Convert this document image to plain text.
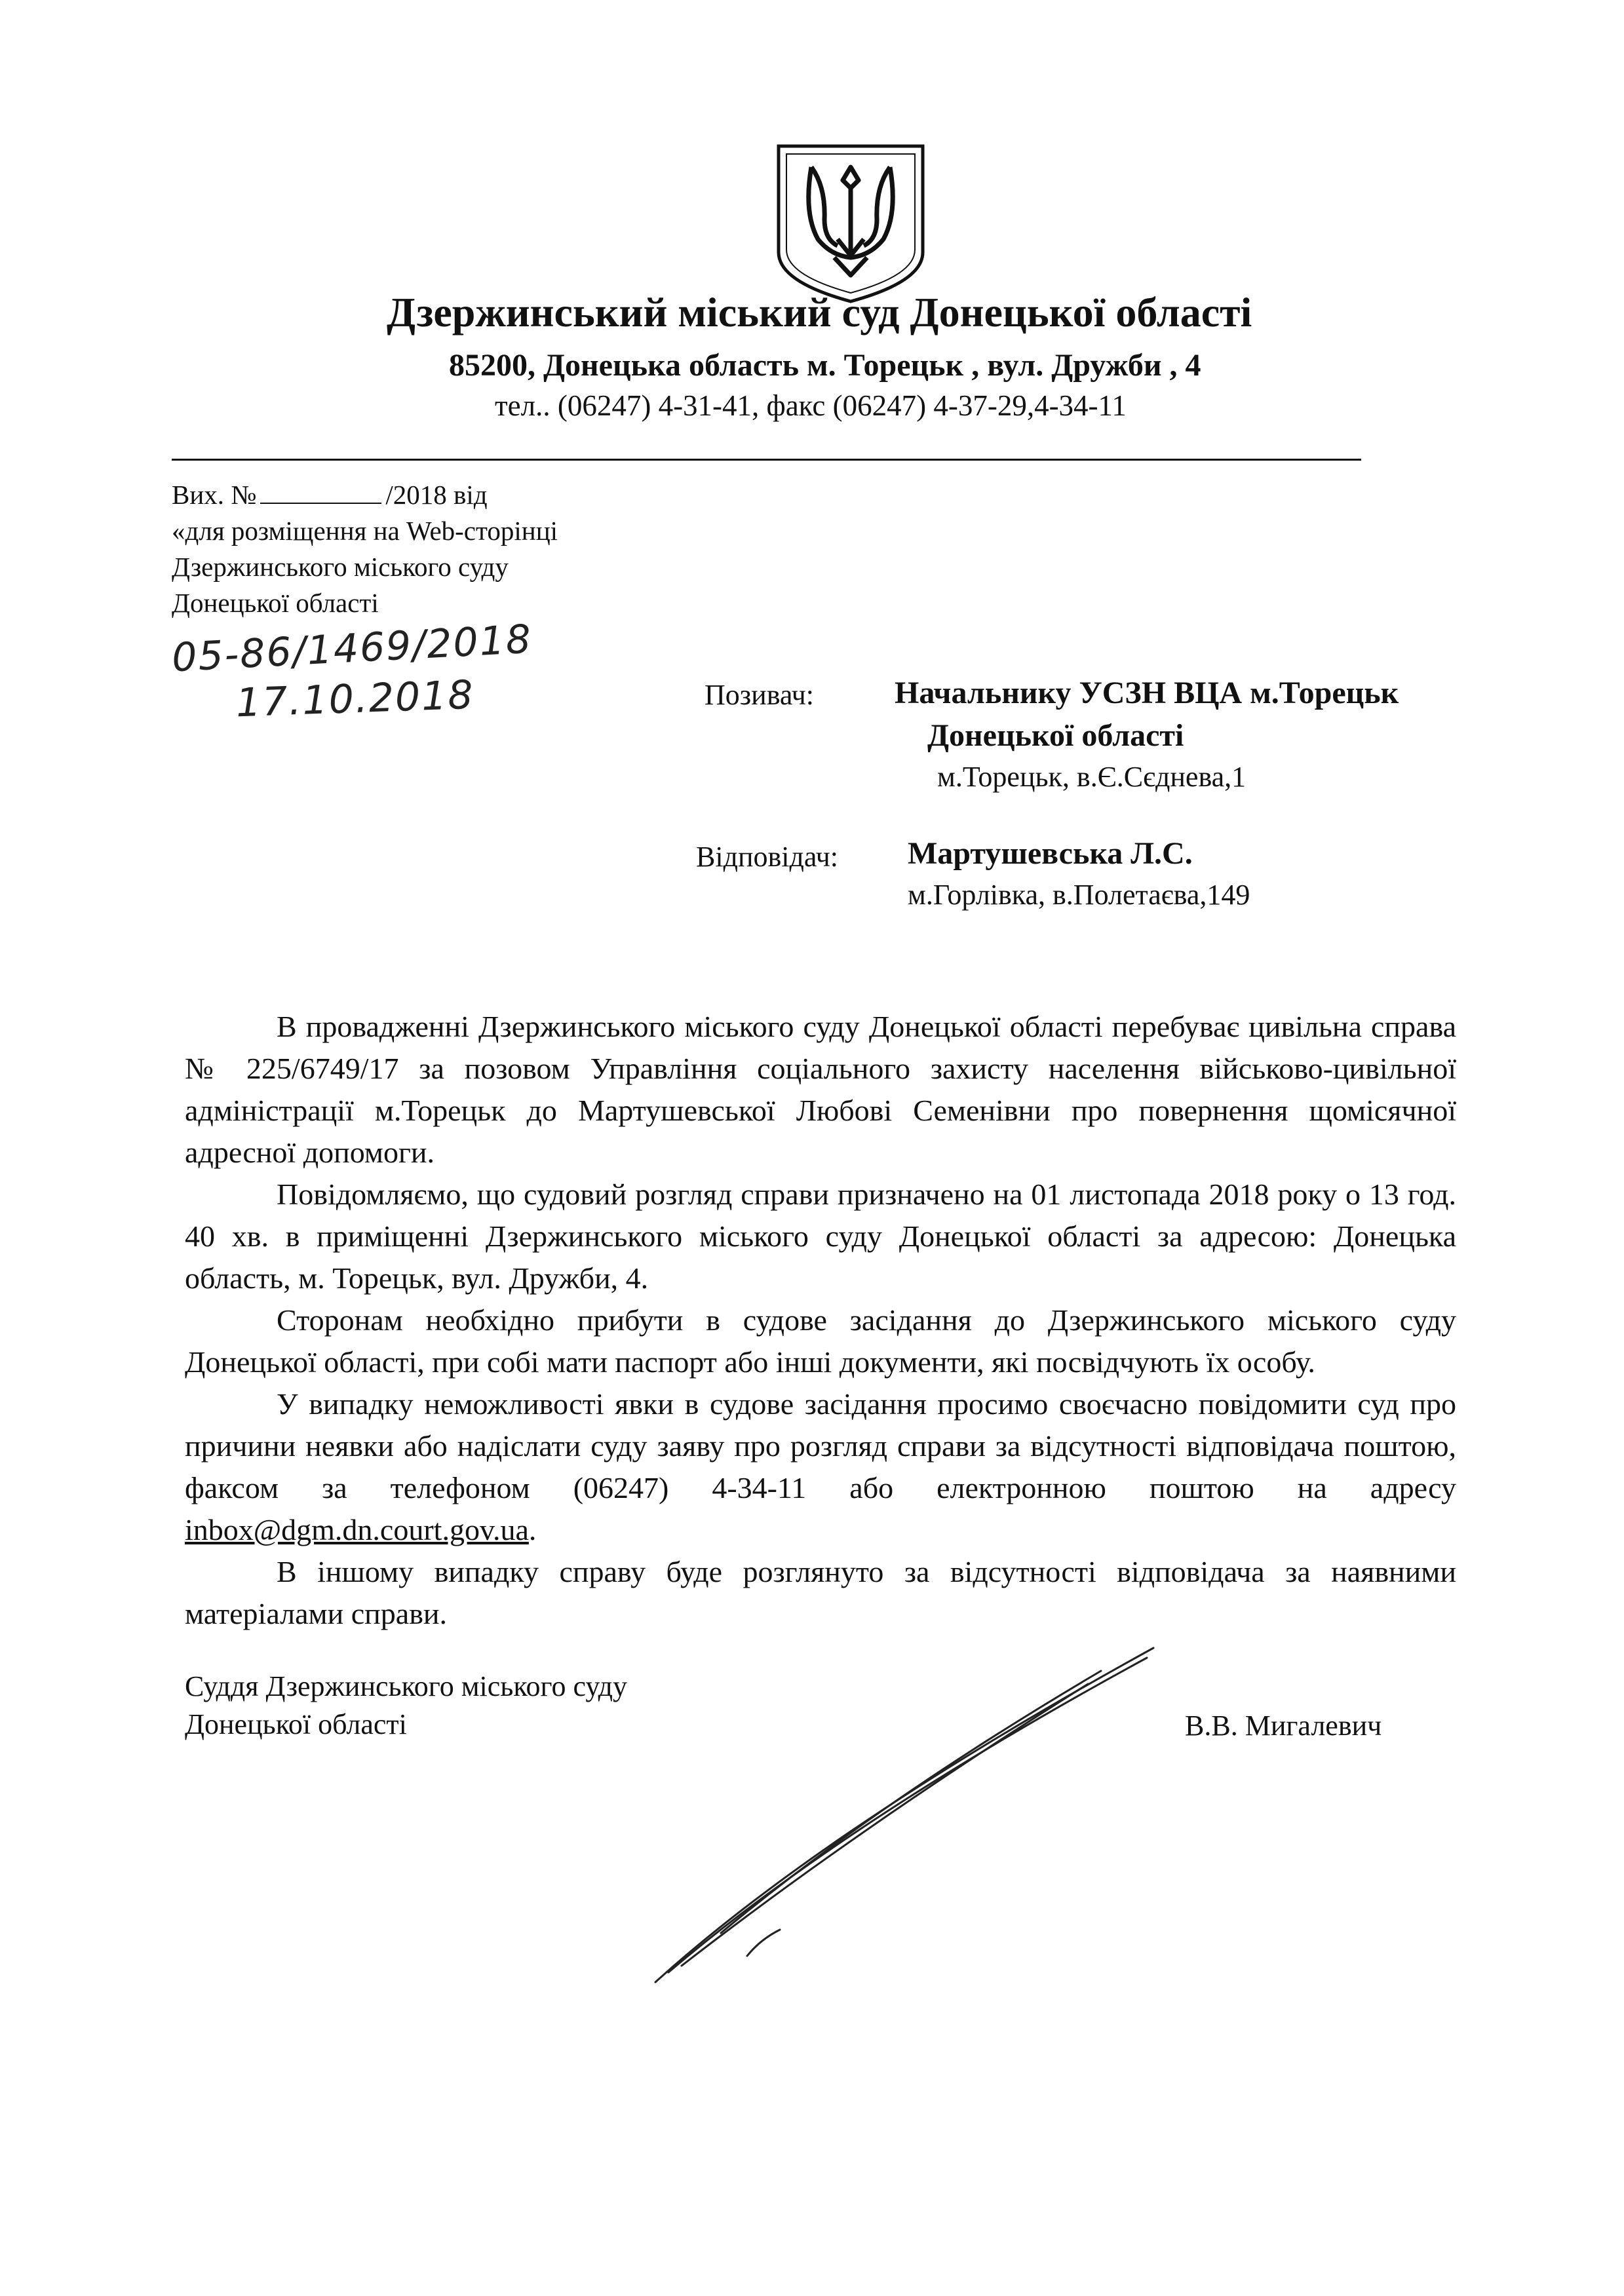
Дзержинський міський суд Донецької області
85200, Донецька область м. Торецьк , вул. Дружби , 4
тел.. (06247) 4-31-41, факс (06247) 4-37-29,4-34-11
Вих. №	/2018 від
«для розміщення на Web-сторінці
Дзержинського міського суду
Донецької області
05-86/1469/2018
17.10.2018	Позивач:	Начальнику УСЗН ВЦА м.Торецьк
Донецької області
м.Торецьк, в.Є.Сєднева,1
Відповідач: Мартушевська Л.С.
м.Горлівка, в.Полетаєва,149

В провадженні Дзержинського міського суду Донецької області перебуває цивільна справа № 225/6749/17 за позовом Управління соціального захисту населення військово-цивільної адміністрації м.Торецьк до Мартушевської Любові Семенівни про повернення щомісячної адресної допомоги.

Повідомляємо, що судовий розгляд справи призначено на 01 листопада 2018 року о 13 год. 40 хв. в приміщенні Дзержинського міського суду Донецької області за адресою: Донецька область, м. Торецьк, вул. Дружби, 4.

Сторонам необхідно прибути в судове засідання до Дзержинського міського суду Донецької області, при собі мати паспорт або інші документи, які посвідчують їх особу.

У випадку неможливості явки в судове засідання просимо своєчасно повідомити суд про причини неявки або надіслати суду заяву про розгляд справи за відсутності відповідача поштою, факсом за телефоном (06247) 4-34-11 або електронною поштою на адресу inbox@dgm.dn.court.gov.ua.

В іншому випадку справу буде розглянуто за відсутності відповідача за наявними матеріалами справи.

Суддя Дзержинського міського суду
Донецької області	В.В. Мигалевич
